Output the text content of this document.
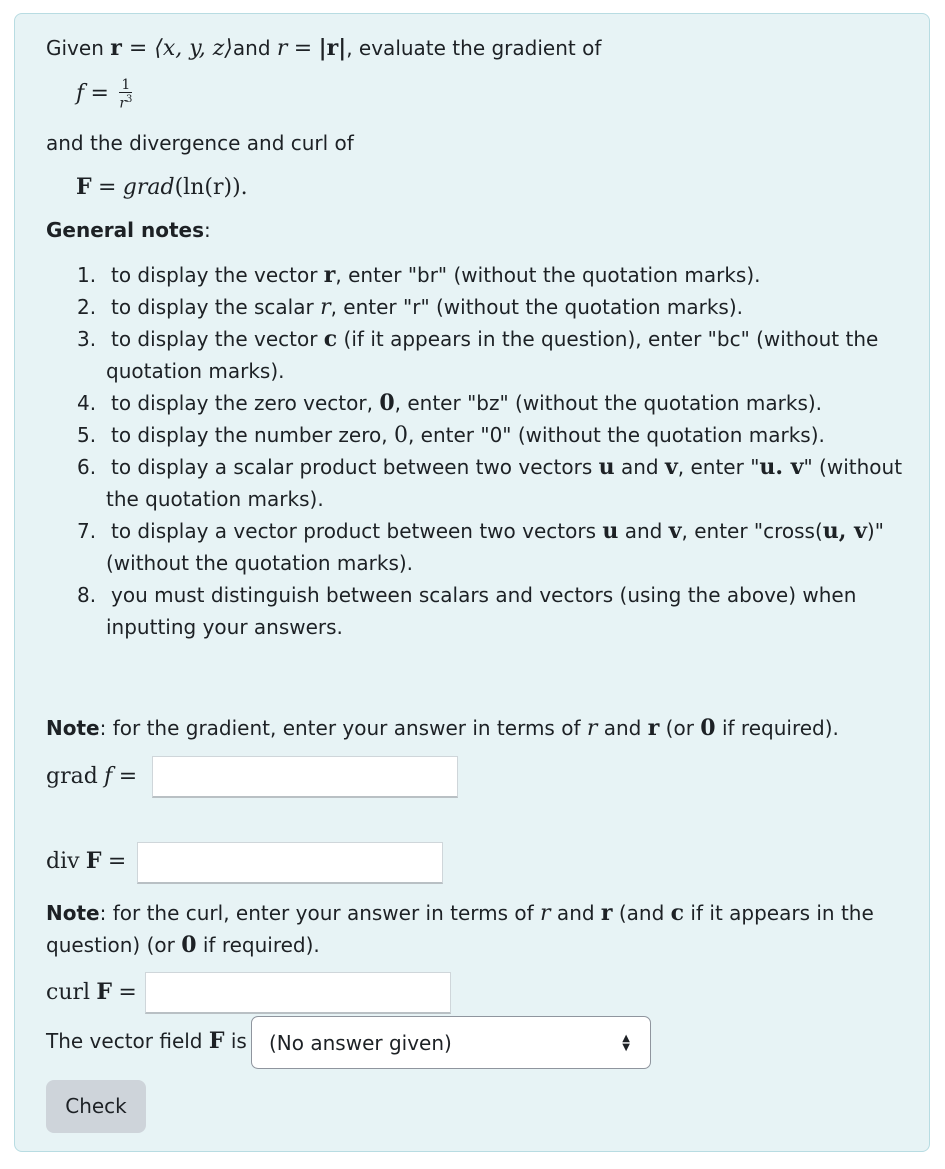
Given r = ⟨x, y, z⟩and r = |r|, evaluate the gradient of
$f = \frac{1}{r^3}$
and the divergence and curl of
F = grad(ln(r)).
General notes:
1. to display the vector r, enter "br" (without the quotation marks).
2. to display the scalar r, enter "r" (without the quotation marks).
3. to display the vector c (if it appears in the question), enter "bc" (without the
quotation marks).
4. to display the zero vector, 0, enter "bz" (without the quotation marks).
5. to display the number zero, 0, enter "0" (without the quotation marks).
6. to display a scalar product between two vectors u and v, enter "u. v" (without
the quotation marks).
7. to display a vector product between two vectors u and v, enter "cross(u, v)"
(without the quotation marks).
8. you must distinguish between scalars and vectors (using the above) when
inputting your answers.
Note: for the gradient, enter your answer in terms of r and r (or 0 if required).
grad f =
div F =
Note: for the curl, enter your answer in terms of r and r (and c if it appears in the
question) (or 0 if required).
curl F =
The vector field F is (No answer given)	▲
▼
Check
